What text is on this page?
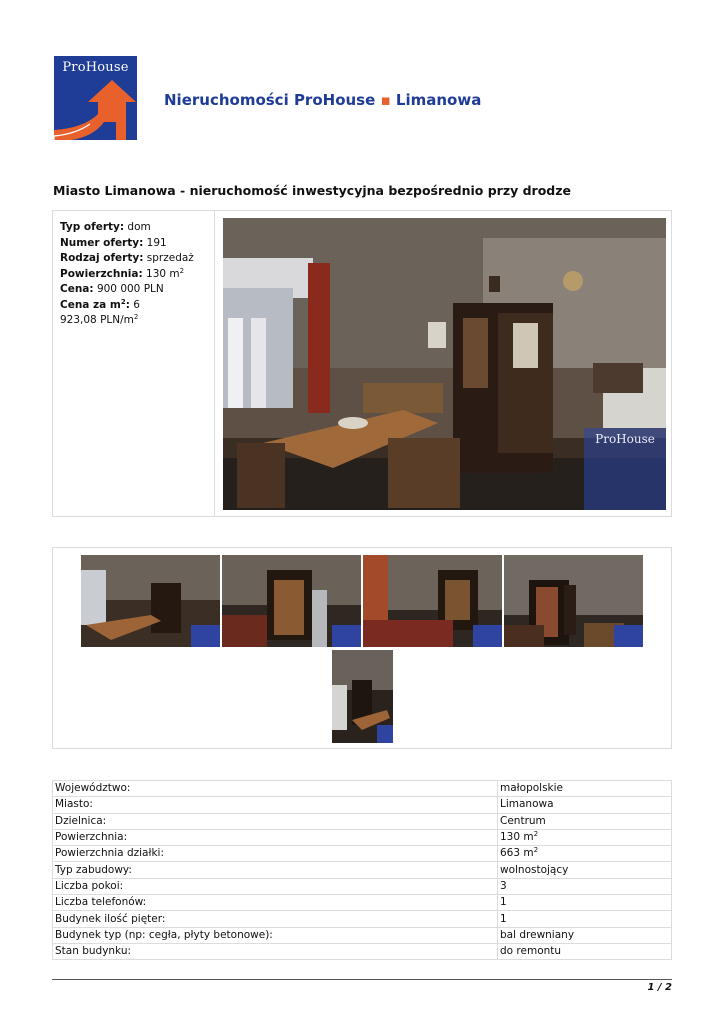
ProHouse
Nieruchomości ProHouse ▪ Limanowa
Miasto Limanowa - nieruchomość inwestycyjna bezpośrednio przy drodze
Typ oferty: dom
Numer oferty: 191
Rodzaj oferty: sprzedaż
Powierzchnia: 130 $m^2$
Cena: 900 000 PLN
Cena za $m^2$: 6
923,08 PLN/$m^2$
ProHouse
Województwo:	małopolskie
Miasto:	Limanowa
Dzielnica:	Centrum
Powierzchnia:	130 $m^2$
Powierzchnia działki:	663 $m^2$
Typ zabudowy:	wolnostojący
Liczba pokoi:	3
Liczba telefonów:	1
Budynek ilość pięter:	1
Budynek typ (np: cegła, płyty betonowe):	bal drewniany
Stan budynku:	do remontu
1 / 2
